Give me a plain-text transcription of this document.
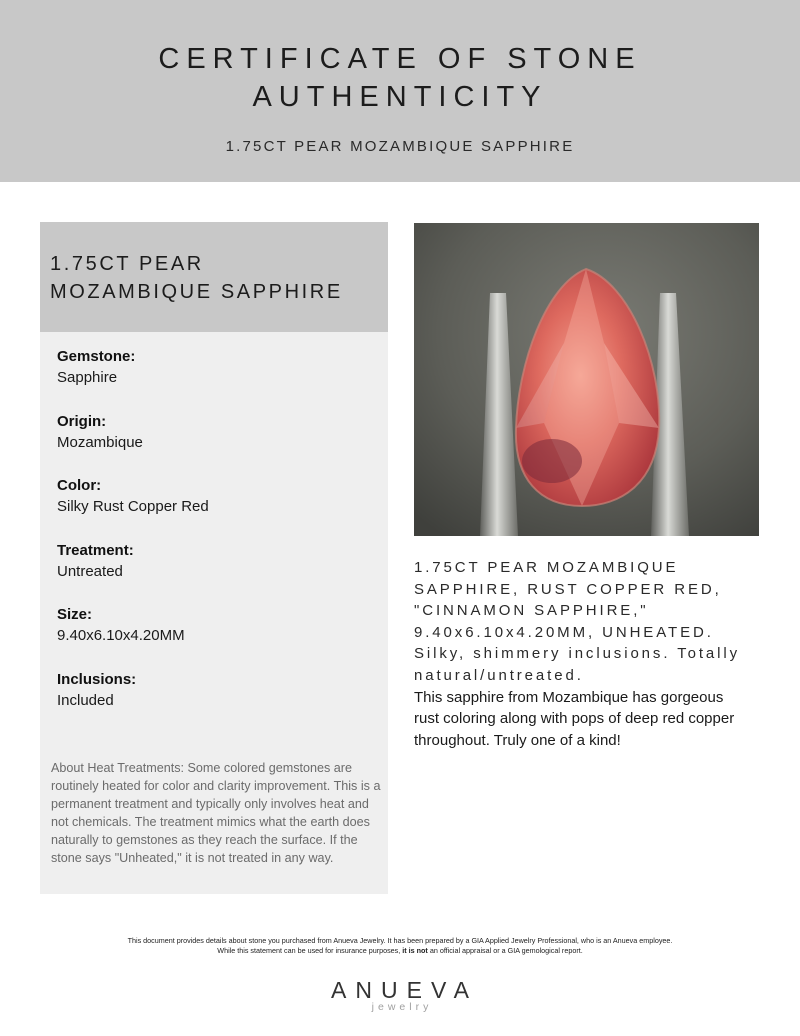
CERTIFICATE OF STONE
AUTHENTICITY
1.75CT PEAR MOZAMBIQUE SAPPHIRE
1.75CT PEAR
MOZAMBIQUE SAPPHIRE
Gemstone:
Sapphire
Origin:
Mozambique
Color:
Silky Rust Copper Red
Treatment:
Untreated
Size:
9.40x6.10x4.20MM
Inclusions:
Included
About Heat Treatments: Some colored gemstones are routinely heated for color and clarity improvement. This is a permanent treatment and typically only involves heat and not chemicals. The treatment mimics what the earth does naturally to gemstones as they reach the surface. If the stone says "Unheated," it is not treated in any way.
1.75CT PEAR MOZAMBIQUE SAPPHIRE, RUST COPPER RED, "CINNAMON SAPPHIRE," 9.40x6.10x4.20MM, UNHEATED. Silky, shimmery inclusions. Totally natural/untreated.
This sapphire from Mozambique has gorgeous rust coloring along with pops of deep red copper throughout. Truly one of a kind!
This document provides details about stone you purchased from Anueva Jewelry. It has been prepared by a GIA Applied Jewelry Professional, who is an Anueva employee.
While this statement can be used for insurance purposes, it is not an official appraisal or a GIA gemological report.
ANUEVA
jewelry
